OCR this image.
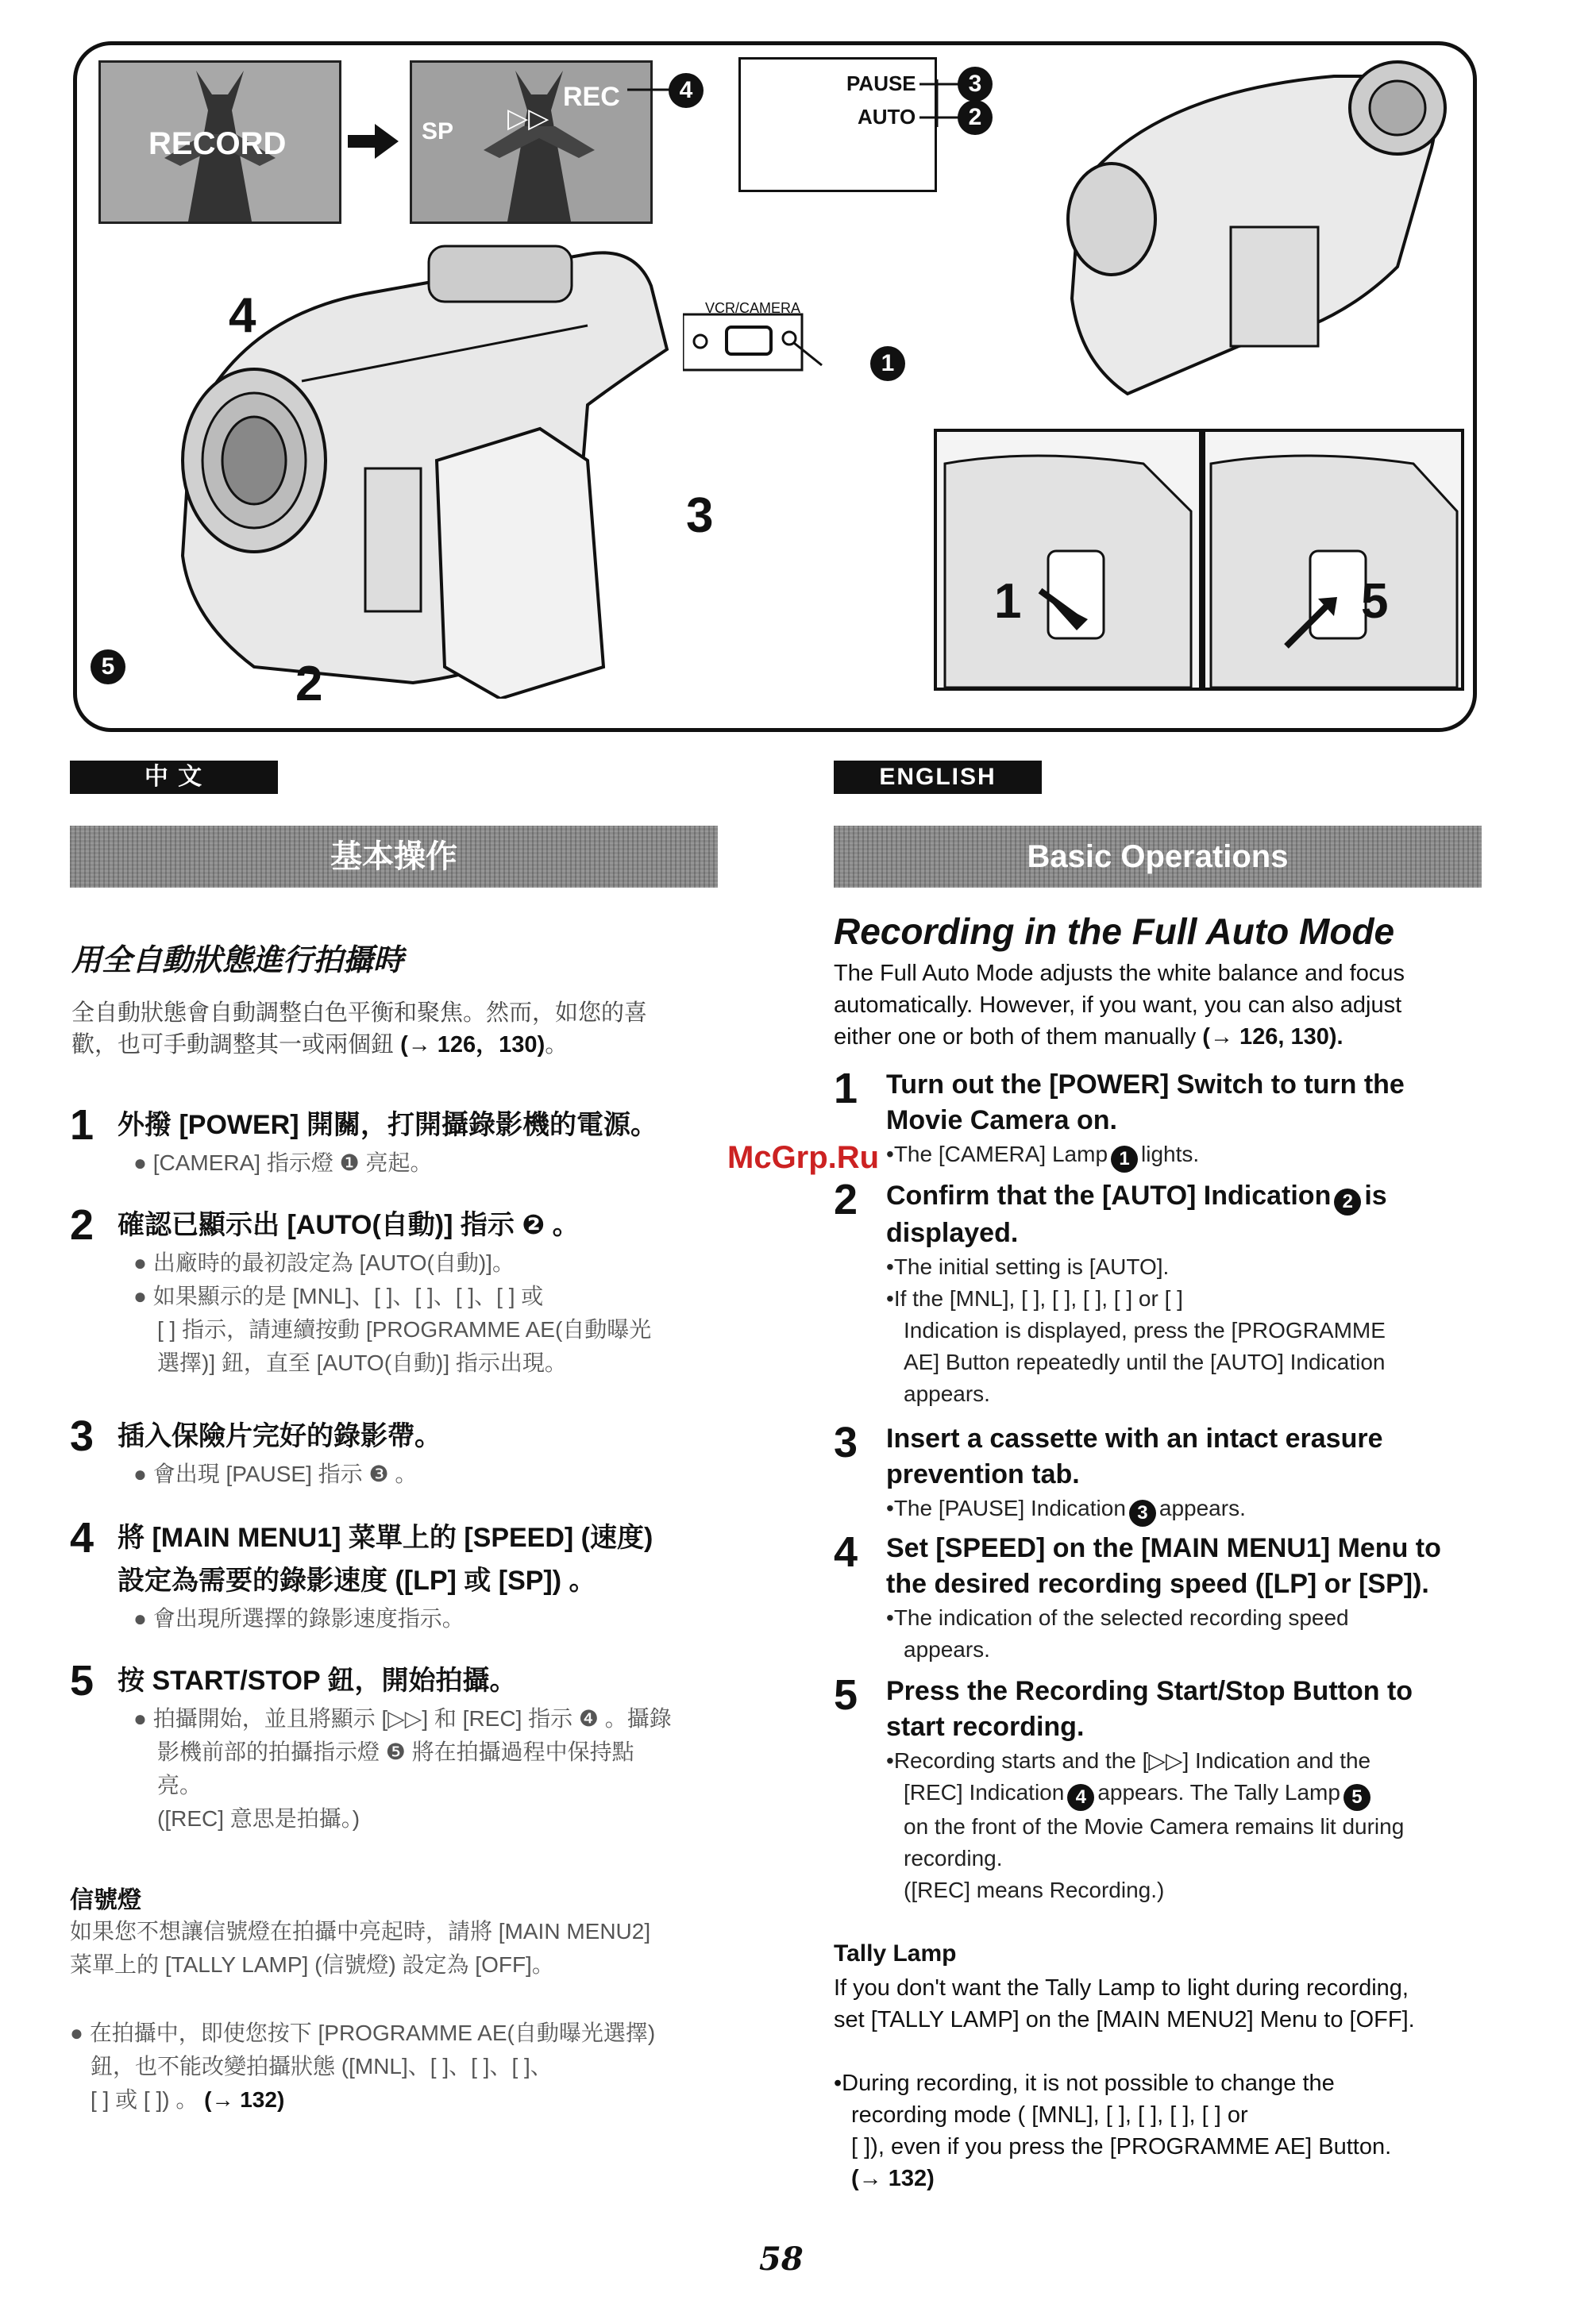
RECORD	SP ▷▷
REC	4	PAUSE
AUTO
3
2
VCR/CAMERA
1
4
3
2
5
1	5
中 文
基本操作
用全自動狀態進行拍攝時
全自動狀態會自動調整白色平衡和聚焦。然而，如您的喜
歡，也可手動調整其一或兩個鈕 (→ 126，130)。
1 外撥 [POWER] 開關，打開攝錄影機的電源。
● [CAMERA] 指示燈 ❶ 亮起。
2 確認已顯示出 [AUTO(自動)] 指示 ❷ 。
● 出廠時的最初設定為 [AUTO(自動)]。
● 如果顯示的是 [MNL]、[ ]、[ ]、[ ]、[ ] 或
[ ] 指示，請連續按動 [PROGRAMME AE(自動曝光
選擇)] 鈕，直至 [AUTO(自動)] 指示出現。
3 插入保險片完好的錄影帶。
● 會出現 [PAUSE] 指示 ❸ 。
4 將 [MAIN MENU1] 菜單上的 [SPEED] (速度)
設定為需要的錄影速度 ([LP] 或 [SP]) 。
● 會出現所選擇的錄影速度指示。
5 按 START/STOP 鈕，開始拍攝。
● 拍攝開始，並且將顯示 [▷▷] 和 [REC] 指示 ❹ 。攝錄
影機前部的拍攝指示燈 ❺ 將在拍攝過程中保持點
亮。
([REC] 意思是拍攝。)
信號燈
如果您不想讓信號燈在拍攝中亮起時，請將 [MAIN MENU2]
菜單上的 [TALLY LAMP] (信號燈) 設定為 [OFF]。
● 在拍攝中，即使您按下 [PROGRAMME AE(自動曝光選擇)
鈕，也不能改變拍攝狀態 ([MNL]、[ ]、[ ]、[ ]、
[ ] 或 [ ]) 。 (→ 132)
ENGLISH
Basic Operations
Recording in the Full Auto Mode
The Full Auto Mode adjusts the white balance and focus
automatically. However, if you want, you can also adjust
either one or both of them manually (→ 126, 130).
1 Turn out the [POWER] Switch to turn the
Movie Camera on.
•The [CAMERA] Lamp 1 lights.
2 Confirm that the [AUTO] Indication 2 is
displayed.
•The initial setting is [AUTO].
•If the [MNL], [ ], [ ], [ ], [ ] or [ ]
Indication is displayed, press the [PROGRAMME
AE] Button repeatedly until the [AUTO] Indication
appears.
3 Insert a cassette with an intact erasure
prevention tab.
•The [PAUSE] Indication 3 appears.
4 Set [SPEED] on the [MAIN MENU1] Menu to
the desired recording speed ([LP] or [SP]).
•The indication of the selected recording speed
appears.
5 Press the Recording Start/Stop Button to
start recording.
•Recording starts and the [▷▷] Indication and the
[REC] Indication 4 appears. The Tally Lamp 5
on the front of the Movie Camera remains lit during
recording.
([REC] means Recording.)
Tally Lamp
If you don't want the Tally Lamp to light during recording,
set [TALLY LAMP] on the [MAIN MENU2] Menu to [OFF].
•During recording, it is not possible to change the
recording mode ( [MNL], [ ], [ ], [ ], [ ] or
[ ]), even if you press the [PROGRAMME AE] Button.
(→ 132)
McGrp.Ru
58
